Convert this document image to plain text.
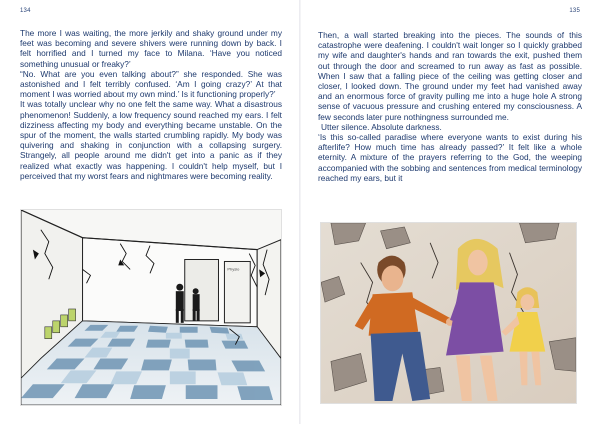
134

The more I was waiting, the more jerkily and shaky ground under my feet was becoming and severe shivers were running down by back. I felt horrified and I turned my face to Milana. ‘Have you noticed something unusual or freaky?’

“No. What are you even talking about?” she responded. She was astonished and I felt terribly confused. ‘Am I going crazy?’ At that moment I was worried about my own mind.’ Is it functioning properly?’

It was totally unclear why no one felt the same way. What a disastrous phenomenon! Suddenly, a low frequency sound reached my ears. I felt dizziness affecting my body and everything became unstable. On the spur of the moment, the walls started crumbling rapidly. My body was quivering and shaking in conjunction with a collapsing surgery. Strangely, all people around me didn't get into a panic as if they realized what exactly was happening. I couldn't help myself, but I perceived that my worst fears and nightmares were becoming reality.

Physio
135

Then, a wall started breaking into the pieces. The sounds of this catastrophe were deafening. I couldn't wait longer so I quickly grabbed my wife and daughter's hands and ran towards the exit, pushed them out through the door and screamed to run away as fast as possible. When I saw that a falling piece of the ceiling was getting closer and closer, I looked down. The ground under my feet had vanished away and an enormous force of gravity pulling me into a huge hole A strong sense of vacuous pressure and crushing entered my consciousness. A few seconds later pure nothingness surrounded me.

Utter silence. Absolute darkness.

‘Is this so-called paradise where everyone wants to exist during his afterlife? How much time has already passed?’ It felt like a whole eternity. A mixture of the prayers referring to the God, the weeping accompanied with the sobbing and sentences from medical terminology reached my ears, but it
